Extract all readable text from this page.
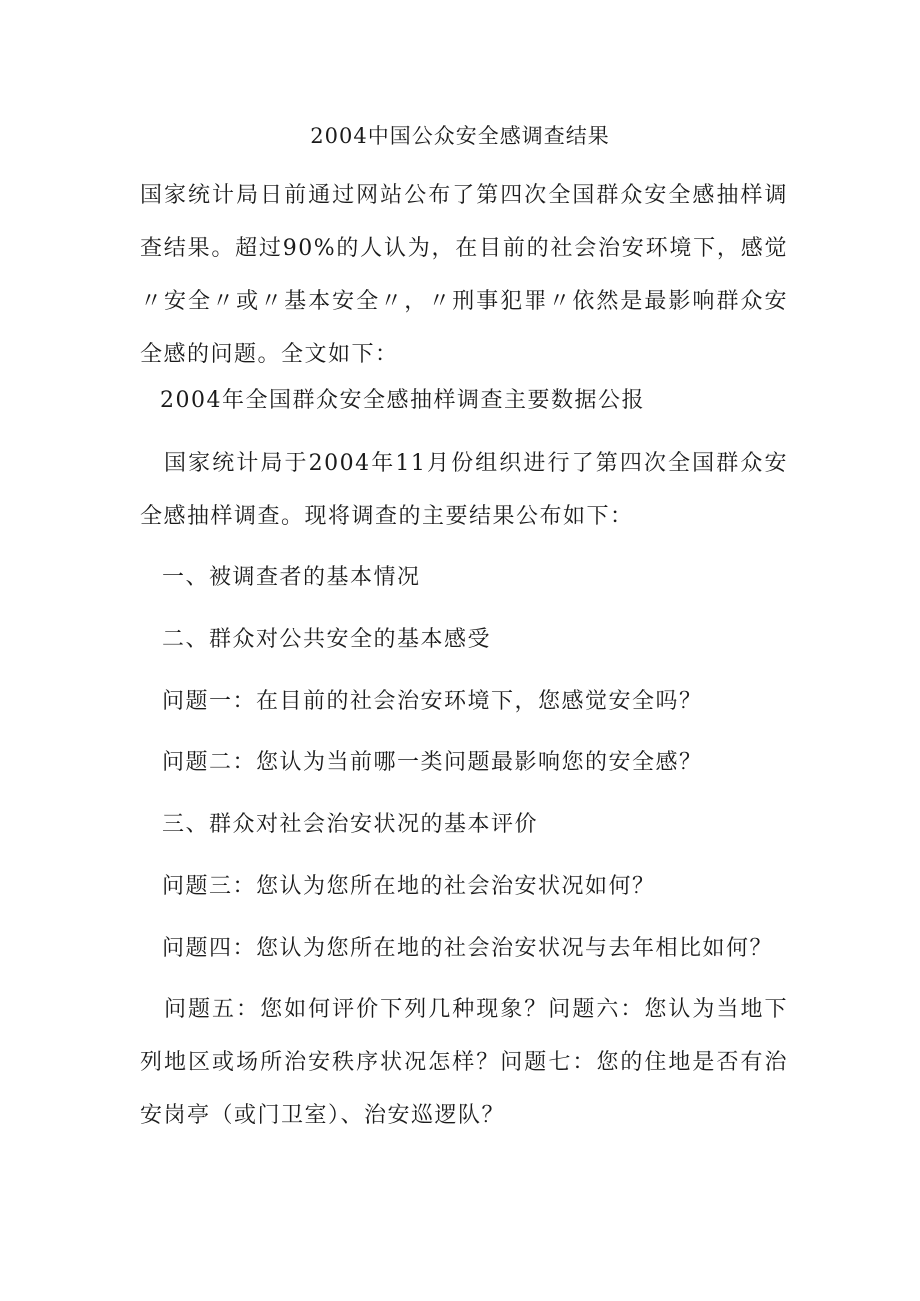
2004中国公众安全感调查结果
国家统计局日前通过网站公布了第四次全国群众安全感抽样调查结果。超过90%的人认为，在目前的社会治安环境下，感觉〃安全〃或〃基本安全〃，〃刑事犯罪〃依然是最影响群众安全感的问题。全文如下：
2004年全国群众安全感抽样调查主要数据公报
国家统计局于2004年11月份组织进行了第四次全国群众安全感抽样调查。现将调查的主要结果公布如下：
一、被调查者的基本情况
二、群众对公共安全的基本感受
问题一：在目前的社会治安环境下，您感觉安全吗？
问题二：您认为当前哪一类问题最影响您的安全感？
三、群众对社会治安状况的基本评价
问题三：您认为您所在地的社会治安状况如何？
问题四：您认为您所在地的社会治安状况与去年相比如何？
问题五：您如何评价下列几种现象？问题六：您认为当地下列地区或场所治安秩序状况怎样？问题七：您的住地是否有治安岗亭（或门卫室）、治安巡逻队？
